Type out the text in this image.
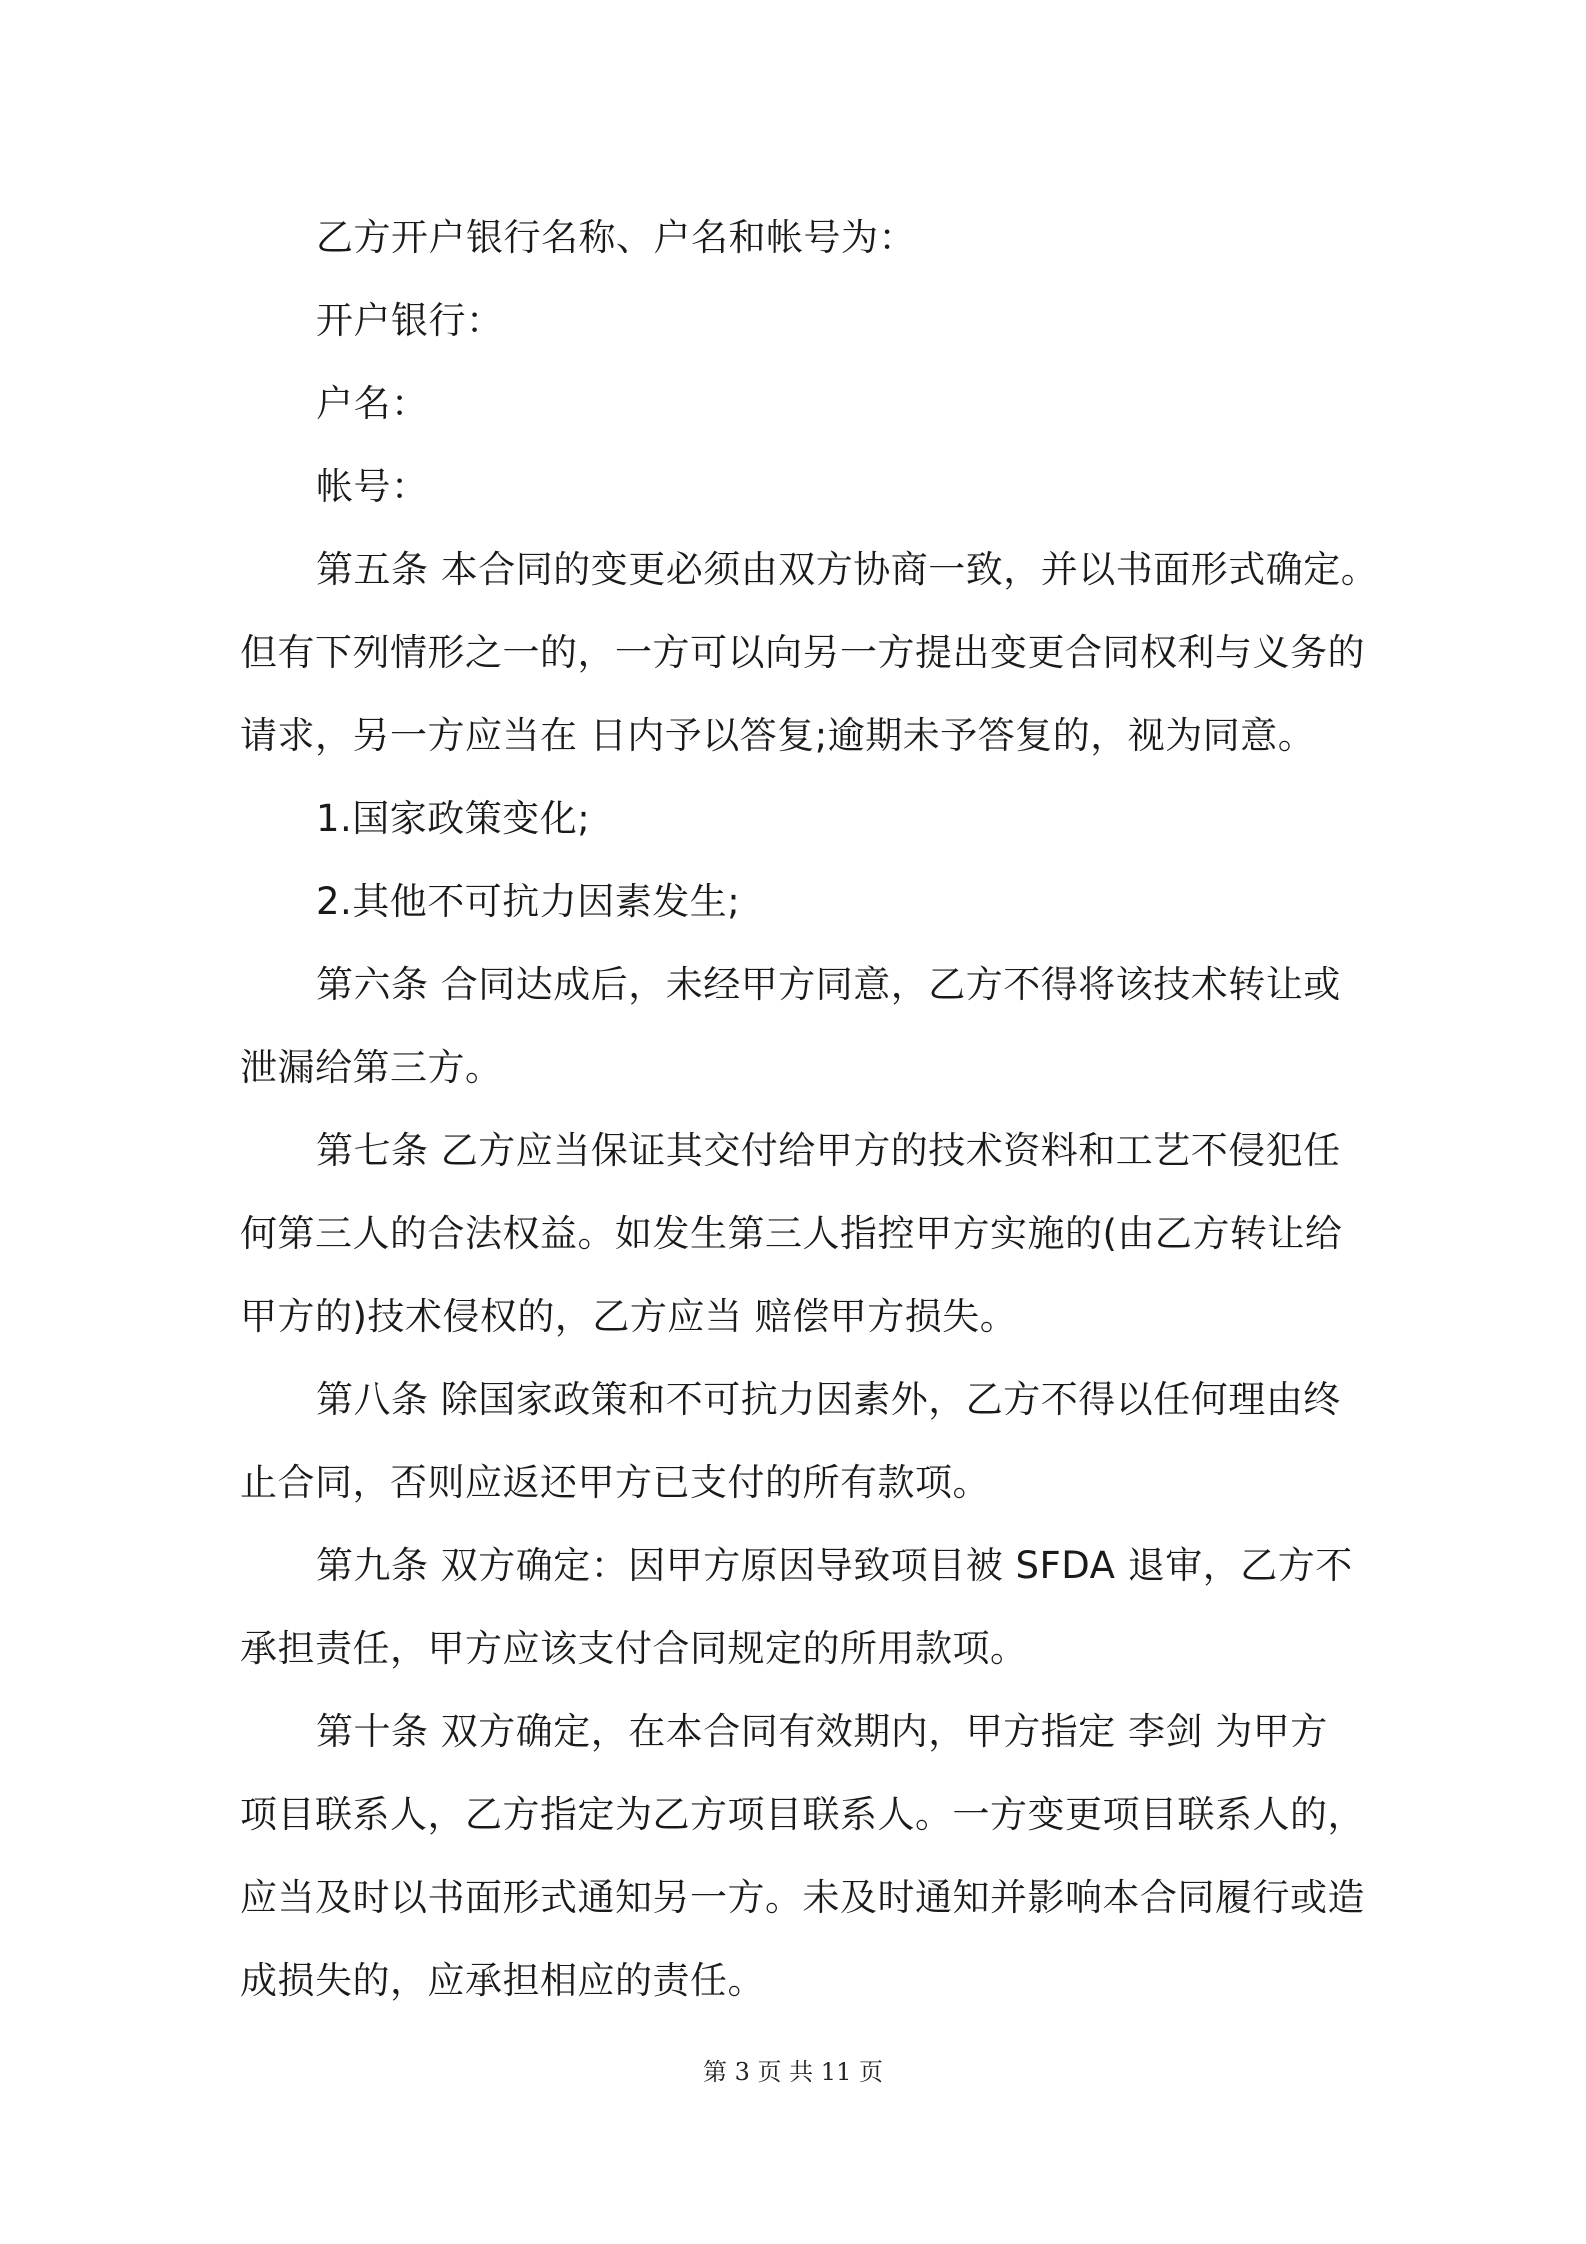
乙方开户银行名称、户名和帐号为：
开户银行：
户名：
帐号：
第五条 本合同的变更必须由双方协商一致，并以书面形式确定。
但有下列情形之一的，一方可以向另一方提出变更合同权利与义务的
请求，另一方应当在 日内予以答复;逾期未予答复的，视为同意。
1.国家政策变化;
2.其他不可抗力因素发生;
第六条 合同达成后，未经甲方同意，乙方不得将该技术转让或
泄漏给第三方。
第七条 乙方应当保证其交付给甲方的技术资料和工艺不侵犯任
何第三人的合法权益。如发生第三人指控甲方实施的(由乙方转让给
甲方的)技术侵权的，乙方应当 赔偿甲方损失。
第八条 除国家政策和不可抗力因素外，乙方不得以任何理由终
止合同，否则应返还甲方已支付的所有款项。
第九条 双方确定：因甲方原因导致项目被 SFDA 退审，乙方不
承担责任，甲方应该支付合同规定的所用款项。
第十条 双方确定，在本合同有效期内，甲方指定 李剑 为甲方
项目联系人，乙方指定为乙方项目联系人。一方变更项目联系人的，
应当及时以书面形式通知另一方。未及时通知并影响本合同履行或造
成损失的，应承担相应的责任。
第 3 页 共 11 页
